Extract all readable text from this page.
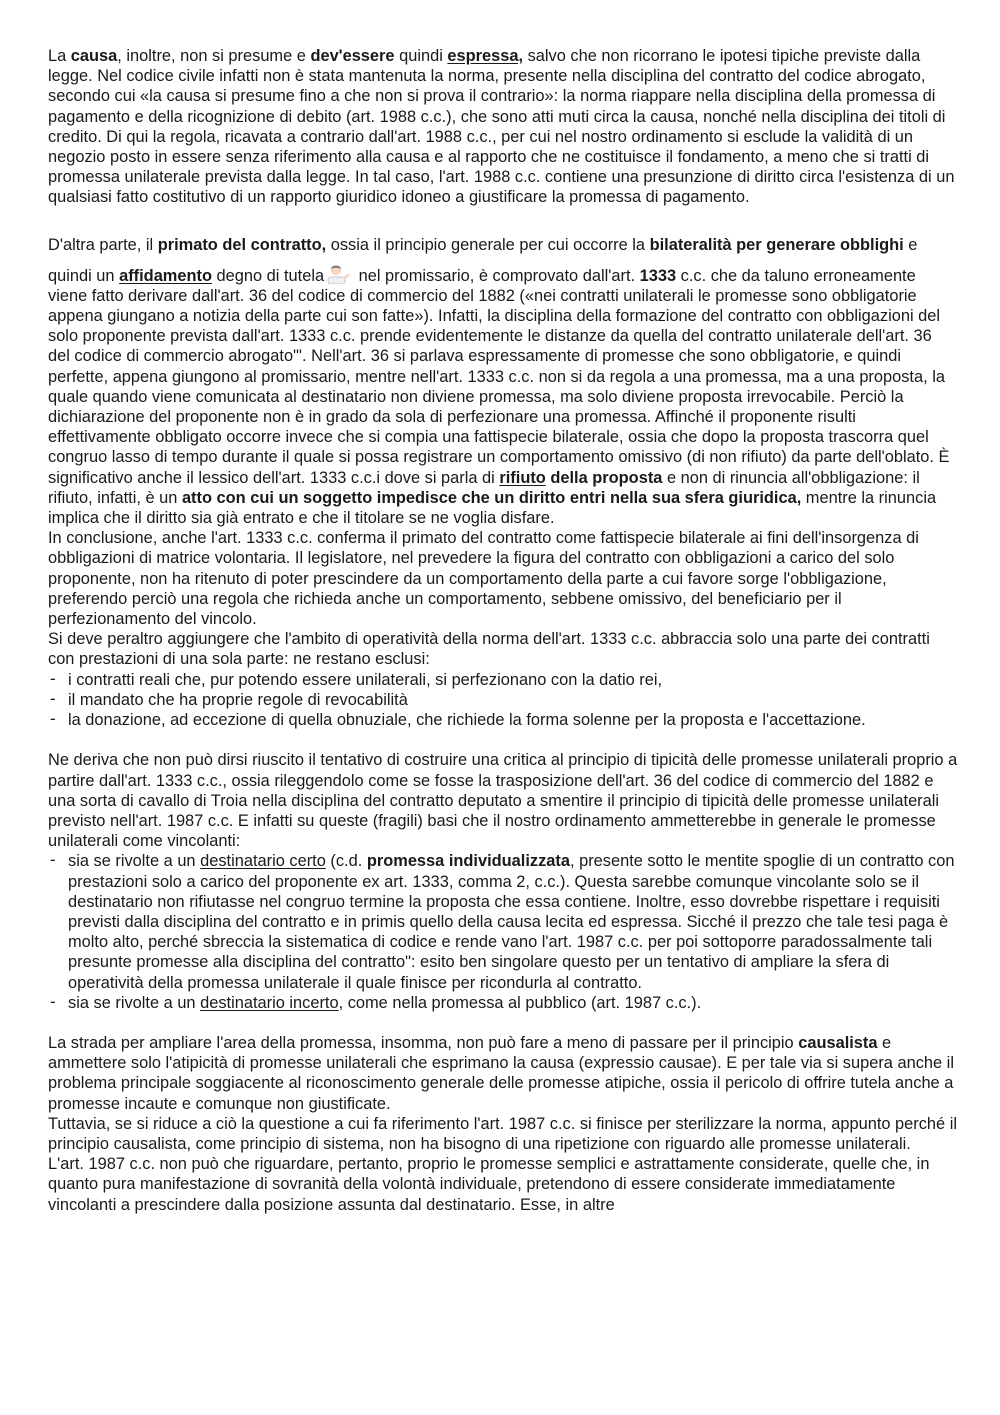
La causa, inoltre, non si presume e dev'essere quindi espressa, salvo che non ricorrano le ipotesi tipiche previste dalla legge. Nel codice civile infatti non è stata mantenuta la norma, presente nella disciplina del contratto del codice abrogato, secondo cui «la causa si presume fino a che non si prova il contrario»: la norma riappare nella disciplina della promessa di pagamento e della ricognizione di debito (art. 1988 c.c.), che sono atti muti circa la causa, nonché nella disciplina dei titoli di credito. Di qui la regola, ricavata a contrario dall'art. 1988 c.c., per cui nel nostro ordinamento si esclude la validità di un negozio posto in essere senza riferimento alla causa e al rapporto che ne costituisce il fondamento, a meno che si tratti di promessa unilaterale prevista dalla legge. In tal caso, l'art. 1988 c.c. contiene una presunzione di diritto circa l'esistenza di un qualsiasi fatto costitutivo di un rapporto giuridico idoneo a giustificare la promessa di pagamento.

D'altra parte, il primato del contratto, ossia il principio generale per cui occorre la bilateralità per generare obblighi e quindi un affidamento degno di tutela nel promissario, è comprovato dall'art. 1333 c.c. che da taluno erroneamente viene fatto derivare dall'art. 36 del codice di commercio del 1882 («nei contratti unilaterali le promesse sono obbligatorie appena giungano a notizia della parte cui son fatte»). Infatti, la disciplina della formazione del contratto con obbligazioni del solo proponente prevista dall'art. 1333 c.c. prende evidentemente le distanze da quella del contratto unilaterale dell'art. 36 del codice di commercio abrogato"'. Nell'art. 36 si parlava espressamente di promesse che sono obbligatorie, e quindi perfette, appena giungono al promissario, mentre nell'art. 1333 c.c. non si da regola a una promessa, ma a una proposta, la quale quando viene comunicata al destinatario non diviene promessa, ma solo diviene proposta irrevocabile. Perciò la dichiarazione del proponente non è in grado da sola di perfezionare una promessa. Affinché il proponente risulti effettivamente obbligato occorre invece che si compia una fattispecie bilaterale, ossia che dopo la proposta trascorra quel congruo lasso di tempo durante il quale si possa registrare un comportamento omissivo (di non rifiuto) da parte dell'oblato. È significativo anche il lessico dell'art. 1333 c.c.i dove si parla di rifiuto della proposta e non di rinuncia all'obbligazione: il rifiuto, infatti, è un atto con cui un soggetto impedisce che un diritto entri nella sua sfera giuridica, mentre la rinuncia implica che il diritto sia già entrato e che il titolare se ne voglia disfare.

In conclusione, anche l'art. 1333 c.c. conferma il primato del contratto come fattispecie bilaterale ai fini dell'insorgenza di obbligazioni di matrice volontaria. Il legislatore, nel prevedere la figura del contratto con obbligazioni a carico del solo proponente, non ha ritenuto di poter prescindere da un comportamento della parte a cui favore sorge l'obbligazione, preferendo perciò una regola che richieda anche un comportamento, sebbene omissivo, del beneficiario per il perfezionamento del vincolo.

Si deve peraltro aggiungere che l'ambito di operatività della norma dell'art. 1333 c.c. abbraccia solo una parte dei contratti con prestazioni di una sola parte: ne restano esclusi:

- i contratti reali che, pur potendo essere unilaterali, si perfezionano con la datio rei,
- il mandato che ha proprie regole di revocabilità
- la donazione, ad eccezione di quella obnuziale, che richiede la forma solenne per la proposta e l'accettazione.

Ne deriva che non può dirsi riuscito il tentativo di costruire una critica al principio di tipicità delle promesse unilaterali proprio a partire dall'art. 1333 c.c., ossia rileggendolo come se fosse la trasposizione dell'art. 36 del codice di commercio del 1882 e una sorta di cavallo di Troia nella disciplina del contratto deputato a smentire il principio di tipicità delle promesse unilaterali previsto nell'art. 1987 c.c. E infatti su queste (fragili) basi che il nostro ordinamento ammetterebbe in generale le promesse unilaterali come vincolanti:

- sia se rivolte a un destinatario certo (c.d. promessa individualizzata, presente sotto le mentite spoglie di un contratto con prestazioni solo a carico del proponente ex art. 1333, comma 2, c.c.). Questa sarebbe comunque vincolante solo se il destinatario non rifiutasse nel congruo termine la proposta che essa contiene. Inoltre, esso dovrebbe rispettare i requisiti previsti dalla disciplina del contratto e in primis quello della causa lecita ed espressa. Sicché il prezzo che tale tesi paga è molto alto, perché sbreccia la sistematica di codice e rende vano l'art. 1987 c.c. per poi sottoporre paradossalmente tali presunte promesse alla disciplina del contratto": esito ben singolare questo per un tentativo di ampliare la sfera di operatività della promessa unilaterale il quale finisce per ricondurla al contratto.
- sia se rivolte a un destinatario incerto, come nella promessa al pubblico (art. 1987 c.c.).

La strada per ampliare l'area della promessa, insomma, non può fare a meno di passare per il principio causalista e ammettere solo l'atipicità di promesse unilaterali che esprimano la causa (expressio causae). E per tale via si supera anche il problema principale soggiacente al riconoscimento generale delle promesse atipiche, ossia il pericolo di offrire tutela anche a promesse incaute e comunque non giustificate.

Tuttavia, se si riduce a ciò la questione a cui fa riferimento l'art. 1987 c.c. si finisce per sterilizzare la norma, appunto perché il principio causalista, come principio di sistema, non ha bisogno di una ripetizione con riguardo alle promesse unilaterali.

L'art. 1987 c.c. non può che riguardare, pertanto, proprio le promesse semplici e astrattamente considerate, quelle che, in quanto pura manifestazione di sovranità della volontà individuale, pretendono di essere considerate immediatamente vincolanti a prescindere dalla posizione assunta dal destinatario. Esse, in altre
